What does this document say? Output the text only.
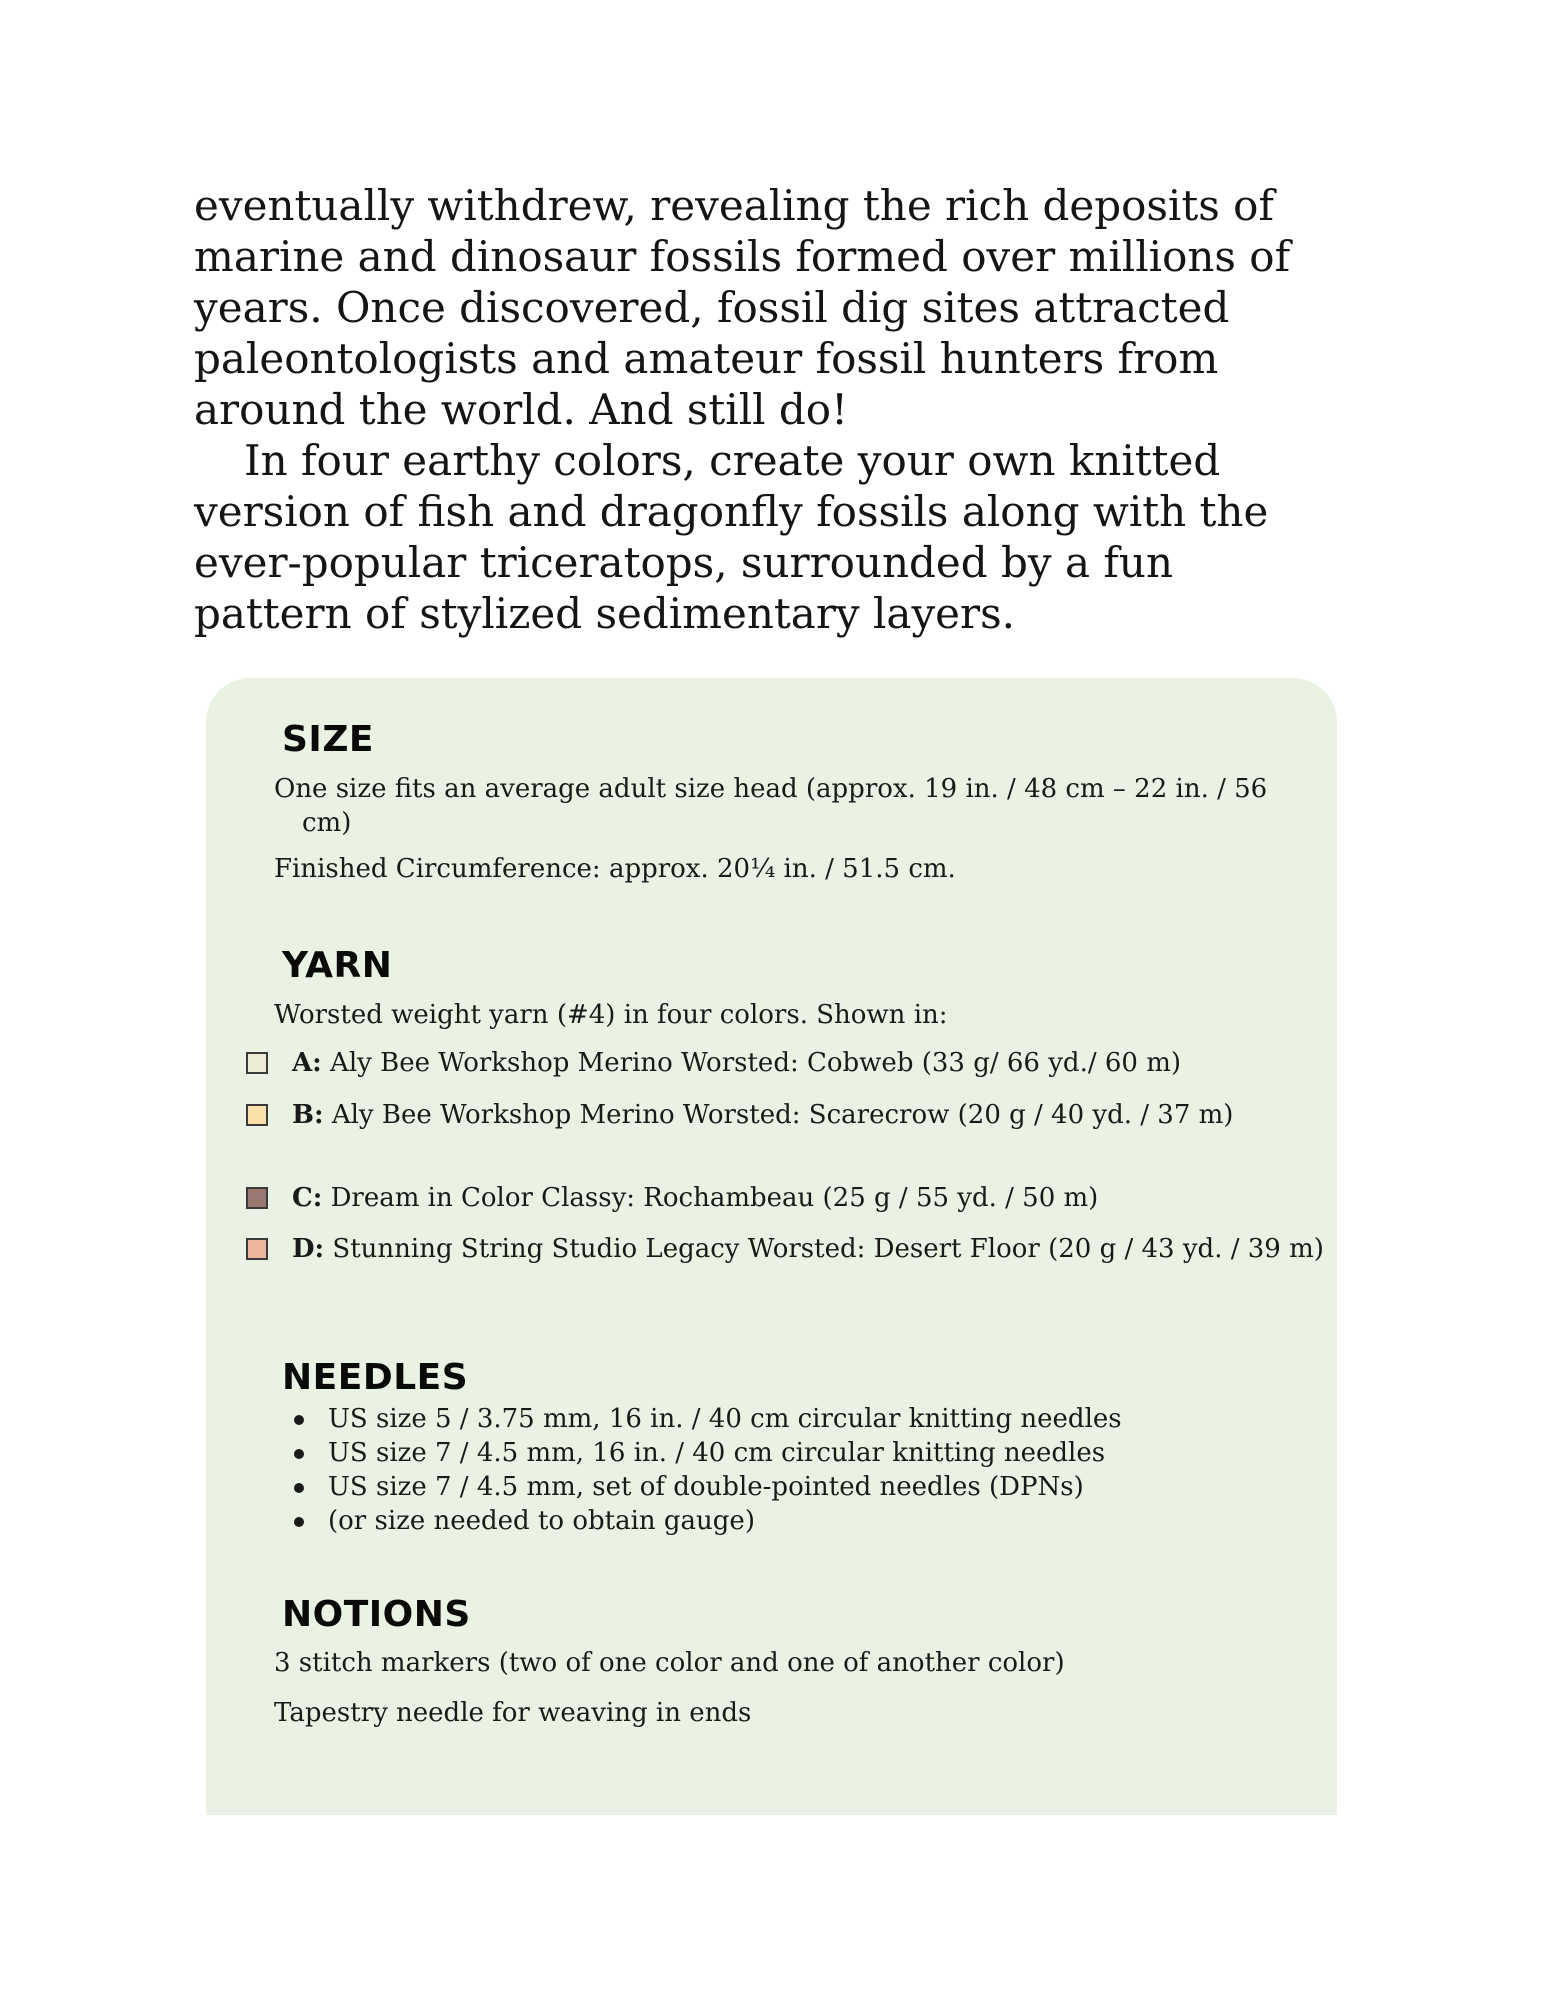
eventually withdrew, revealing the rich deposits of marine and dinosaur fossils formed over millions of years. Once discovered, fossil dig sites attracted paleontologists and amateur fossil hunters from around the world. And still do!

In four earthy colors, create your own knitted version of fish and dragonfly fossils along with the ever-popular triceratops, surrounded by a fun pattern of stylized sedimentary layers.

SIZE

One size fits an average adult size head (approx. 19 in. / 48 cm – 22 in. / 56 cm)

Finished Circumference: approx. 20¼ in. / 51.5 cm.

YARN

Worsted weight yarn (#4) in four colors. Shown in:

A: Aly Bee Workshop Merino Worsted: Cobweb (33 g/ 66 yd./ 60 m)
B: Aly Bee Workshop Merino Worsted: Scarecrow (20 g / 40 yd. / 37 m)
C: Dream in Color Classy: Rochambeau (25 g / 55 yd. / 50 m)
D: Stunning String Studio Legacy Worsted: Desert Floor (20 g / 43 yd. / 39 m)
NEEDLES
US size 5 / 3.75 mm, 16 in. / 40 cm circular knitting needles
US size 7 / 4.5 mm, 16 in. / 40 cm circular knitting needles
US size 7 / 4.5 mm, set of double-pointed needles (DPNs)
(or size needed to obtain gauge)
NOTIONS

3 stitch markers (two of one color and one of another color)

Tapestry needle for weaving in ends
